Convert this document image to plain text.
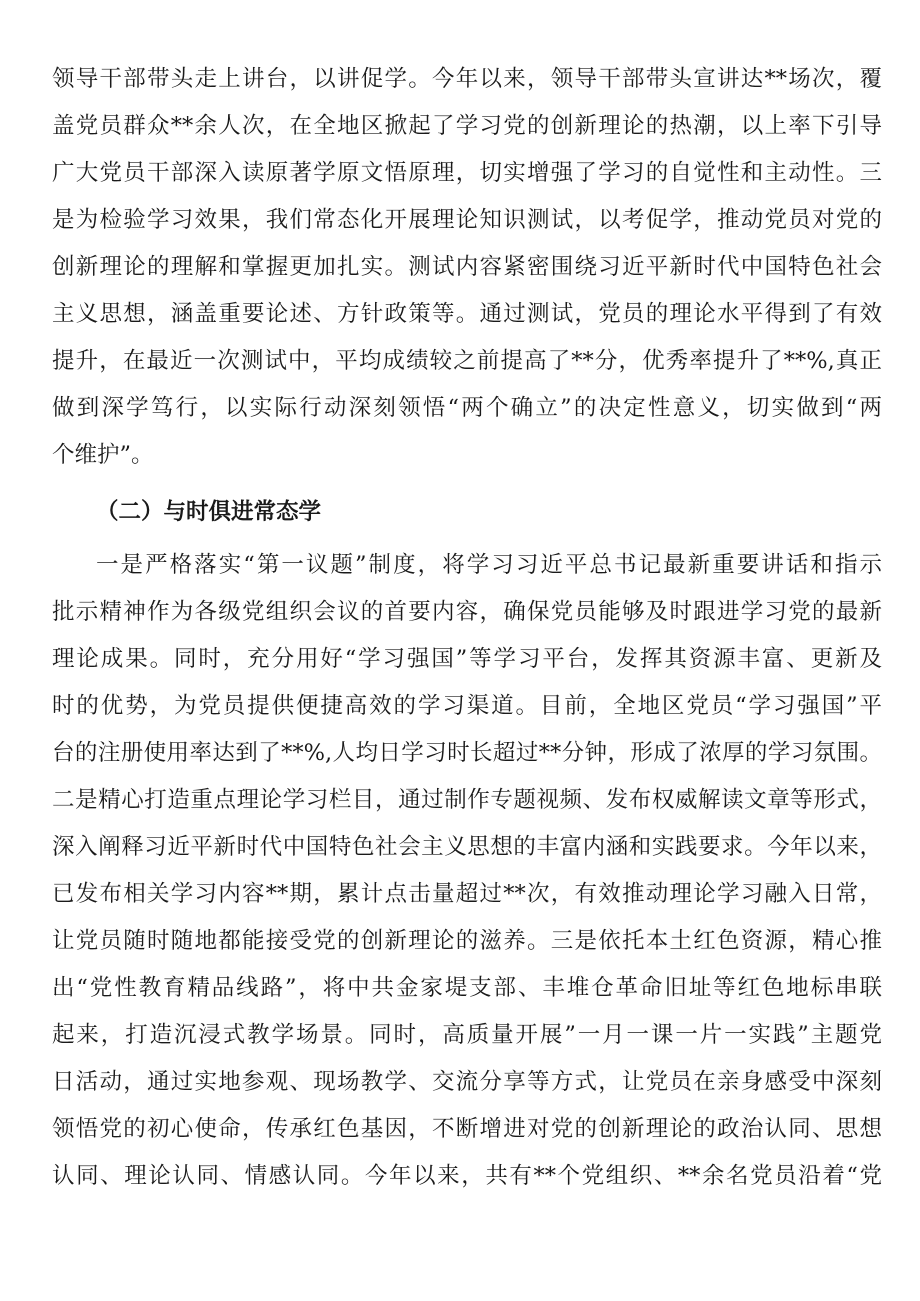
领导干部带头走上讲台，以讲促学。今年以来，领导干部带头宣讲达**场次，覆
盖党员群众**余人次，在全地区掀起了学习党的创新理论的热潮，以上率下引导
广大党员干部深入读原著学原文悟原理，切实增强了学习的自觉性和主动性。三
是为检验学习效果，我们常态化开展理论知识测试，以考促学，推动党员对党的
创新理论的理解和掌握更加扎实。测试内容紧密围绕习近平新时代中国特色社会
主义思想，涵盖重要论述、方针政策等。通过测试，党员的理论水平得到了有效
提升，在最近一次测试中，平均成绩较之前提高了**分，优秀率提升了**%,真正
做到深学笃行，以实际行动深刻领悟“两个确立”的决定性意义，切实做到“两
个维护”。
（二）与时俱进常态学
一是严格落实“第一议题”制度，将学习习近平总书记最新重要讲话和指示
批示精神作为各级党组织会议的首要内容，确保党员能够及时跟进学习党的最新
理论成果。同时，充分用好“学习强国”等学习平台，发挥其资源丰富、更新及
时的优势，为党员提供便捷高效的学习渠道。目前，全地区党员“学习强国”平
台的注册使用率达到了**%,人均日学习时长超过**分钟，形成了浓厚的学习氛围。
二是精心打造重点理论学习栏目，通过制作专题视频、发布权威解读文章等形式，
深入阐释习近平新时代中国特色社会主义思想的丰富内涵和实践要求。今年以来，
已发布相关学习内容**期，累计点击量超过**次，有效推动理论学习融入日常，
让党员随时随地都能接受党的创新理论的滋养。三是依托本土红色资源，精心推
出“党性教育精品线路”，将中共金家堤支部、丰堆仓革命旧址等红色地标串联
起来，打造沉浸式教学场景。同时，高质量开展”一月一课一片一实践”主题党
日活动，通过实地参观、现场教学、交流分享等方式，让党员在亲身感受中深刻
领悟党的初心使命，传承红色基因，不断增进对党的创新理论的政治认同、思想
认同、理论认同、情感认同。今年以来，共有**个党组织、**余名党员沿着“党
